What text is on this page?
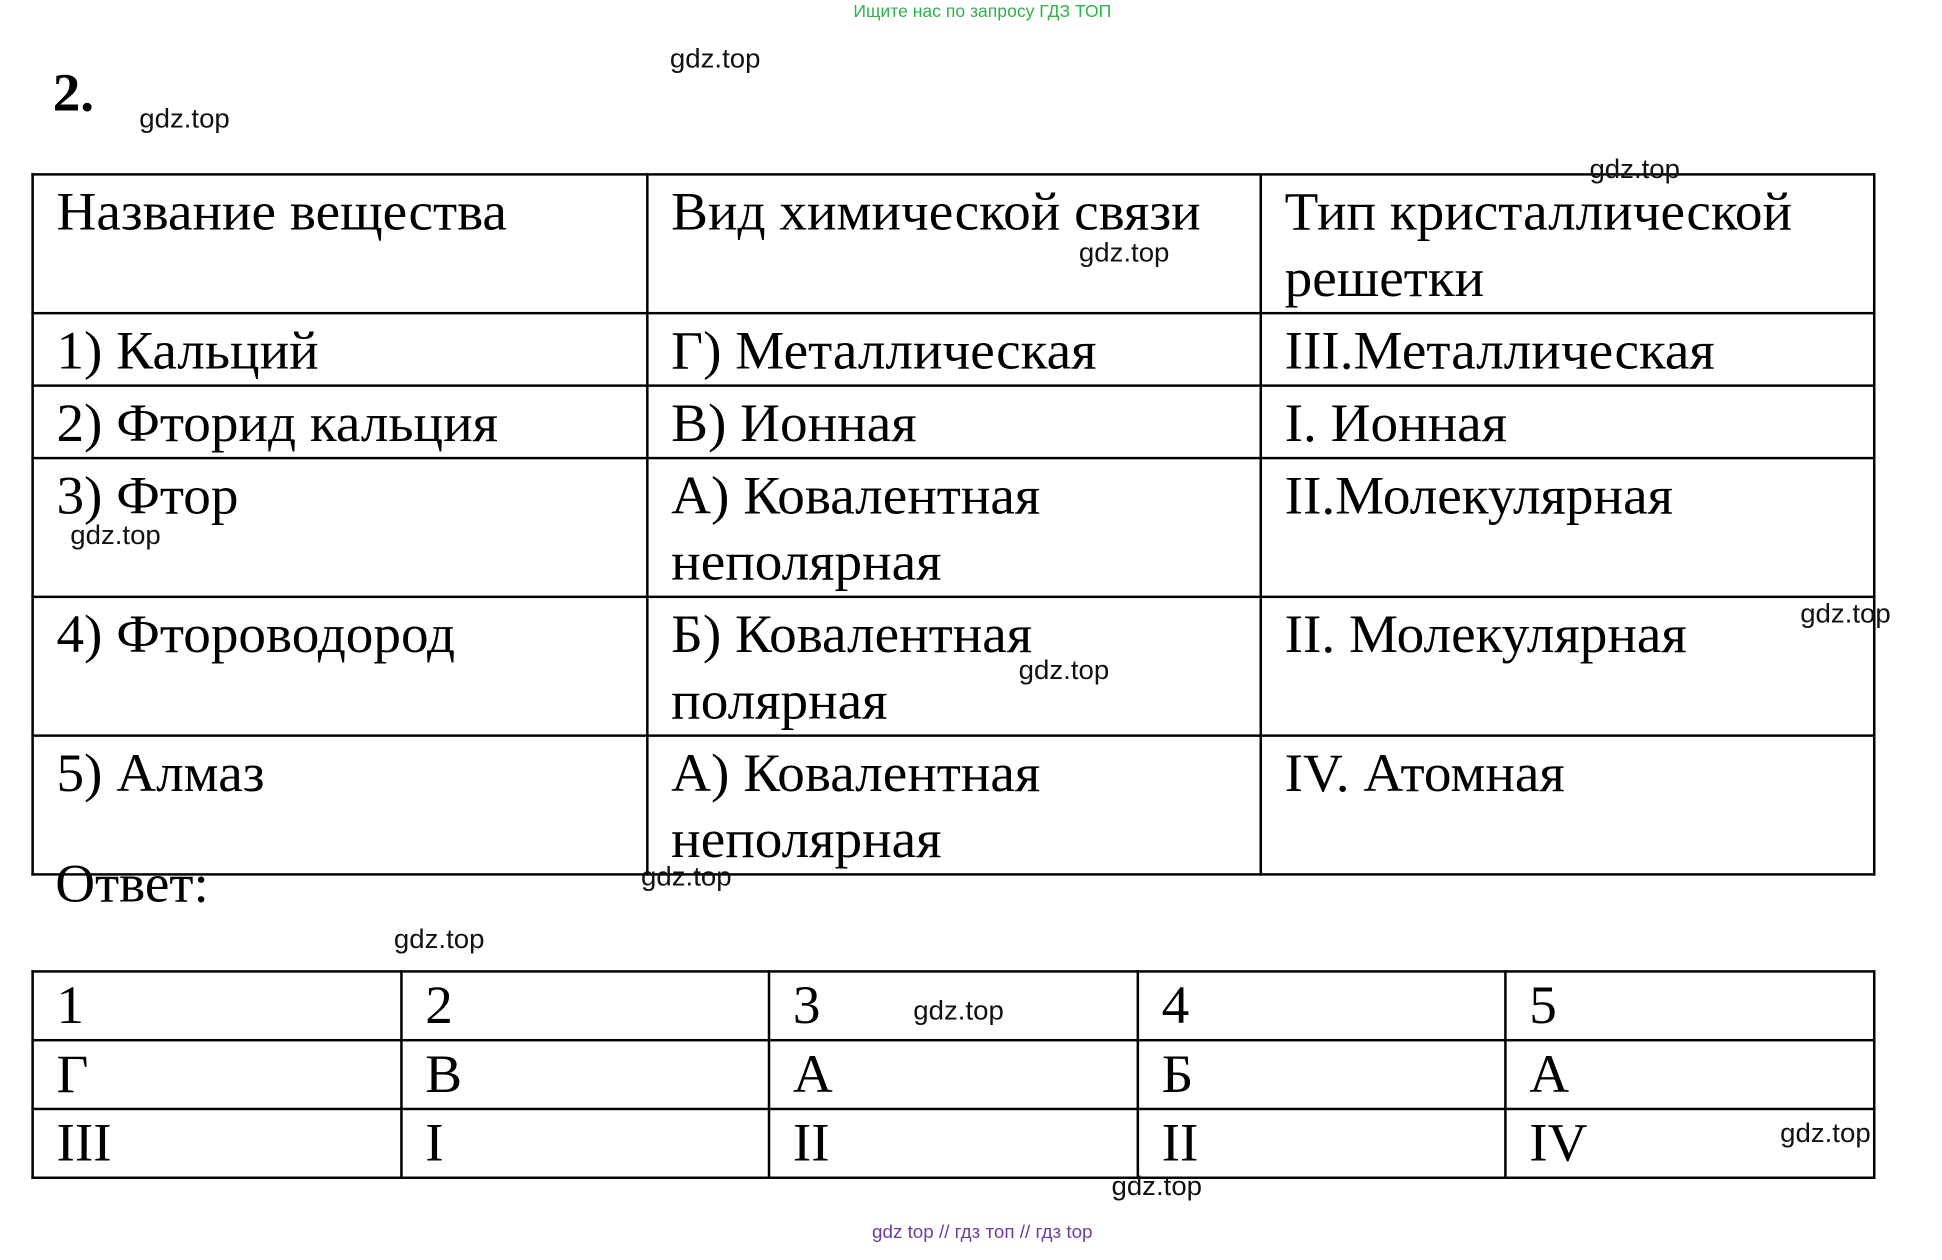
Ищите нас по запросу ГДЗ ТОП
2.
Название вещества	Вид химической связи	Тип кристаллической решетки
1) Кальций	Г) Металлическая	III.Металлическая
2) Фторид кальция	В) Ионная	I. Ионная
3) Фтор	А) Ковалентная неполярная	II.Молекулярная
4) Фтороводород	Б) Ковалентная полярная	II. Молекулярная
5) Алмаз	А) Ковалентная неполярная	IV. Атомная
Ответ:
1	2	3	4	5
Г	В	А	Б	А
III	I	II	II	IV
gdz.top
gdz.top
gdz.top
gdz.top
gdz.top
gdz.top
gdz.top
gdz.top
gdz.top
gdz.top
gdz.top
gdz.top
gdz top // гдз топ // гдз top
